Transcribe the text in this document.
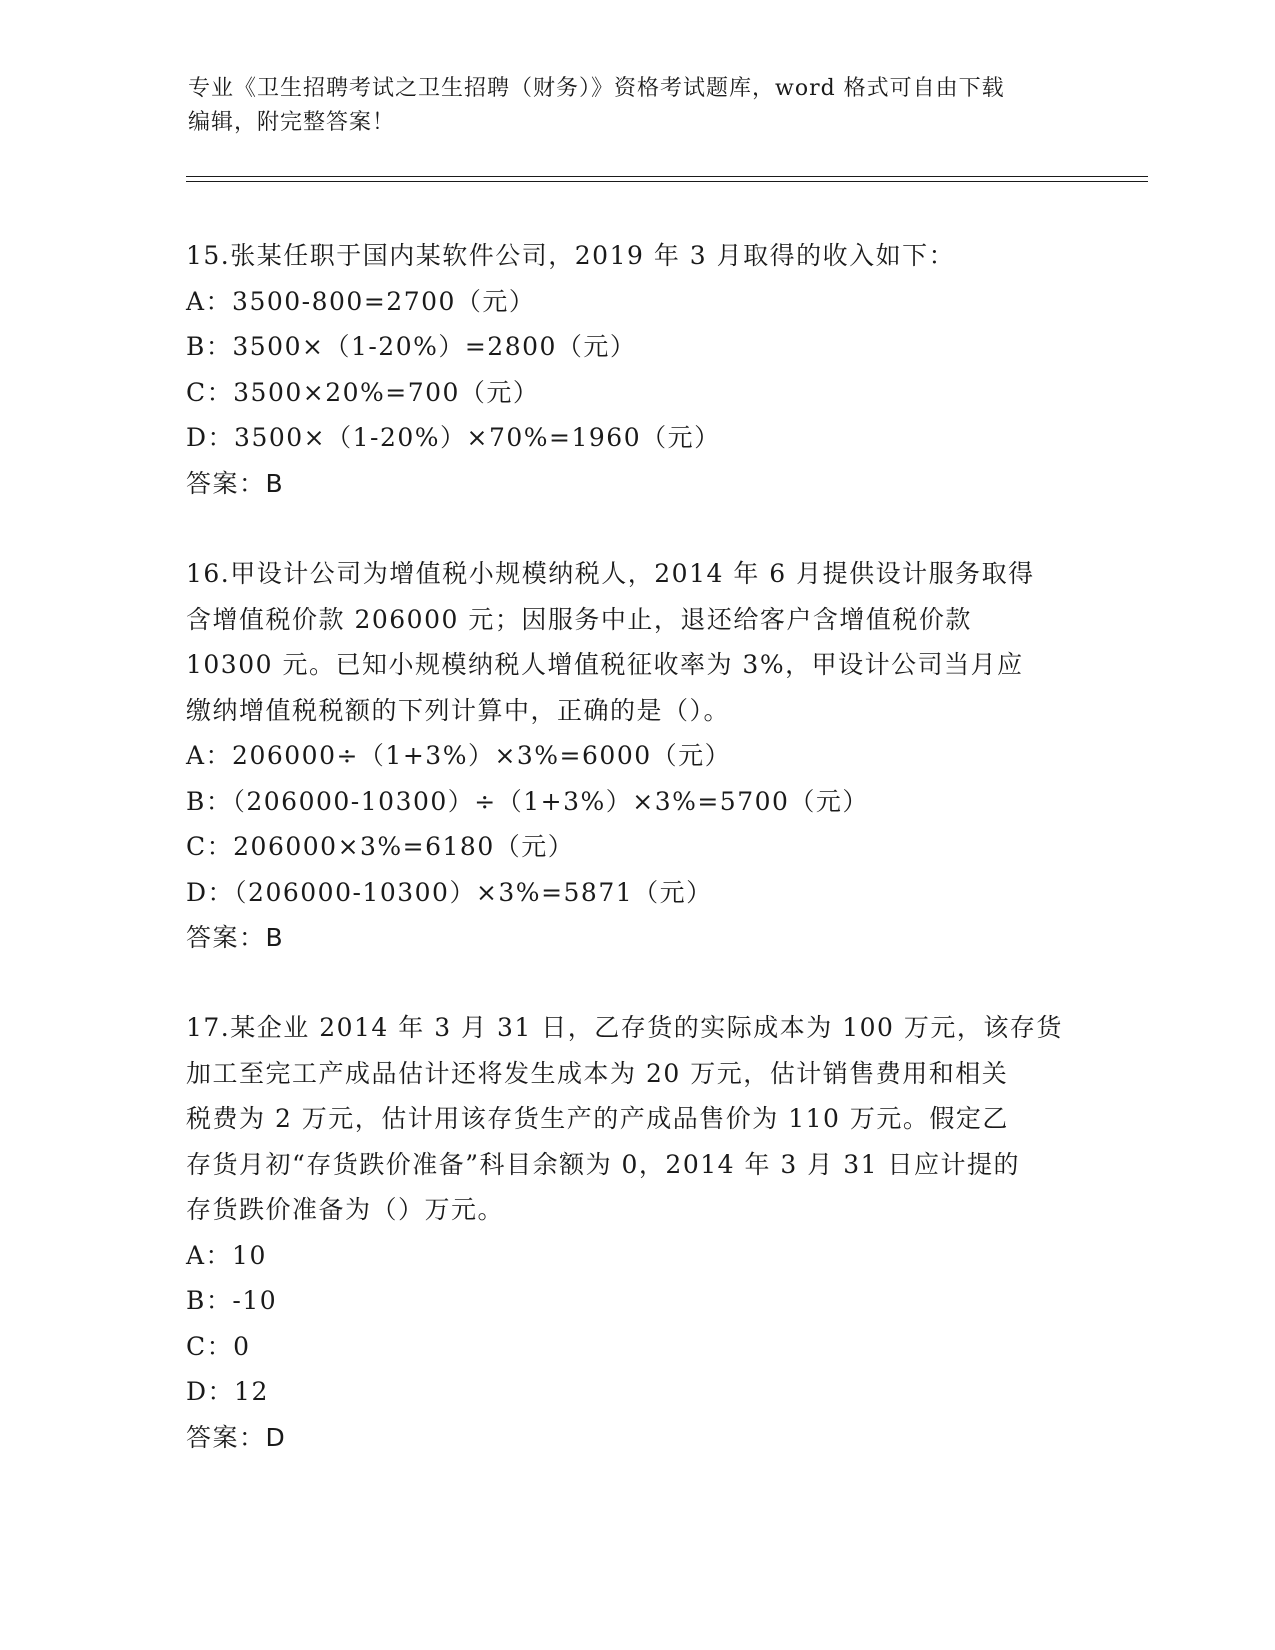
专业《卫生招聘考试之卫生招聘（财务）》资格考试题库，word 格式可自由下载
编辑，附完整答案！
15.张某任职于国内某软件公司，2019 年 3 月取得的收入如下：
A：3500-800=2700（元）
B：3500×（1-20%）=2800（元）
C：3500×20%=700（元）
D：3500×（1-20%）×70%=1960（元）
答案：B
16.甲设计公司为增值税小规模纳税人，2014 年 6 月提供设计服务取得
含增值税价款 206000 元；因服务中止，退还给客户含增值税价款
10300 元。已知小规模纳税人增值税征收率为 3%，甲设计公司当月应
缴纳增值税税额的下列计算中，正确的是（）。
A：206000÷（1+3%）×3%=6000（元）
B：（206000-10300）÷（1+3%）×3%=5700（元）
C：206000×3%=6180（元）
D：（206000-10300）×3%=5871（元）
答案：B
17.某企业 2014 年 3 月 31 日，乙存货的实际成本为 100 万元，该存货
加工至完工产成品估计还将发生成本为 20 万元，估计销售费用和相关
税费为 2 万元，估计用该存货生产的产成品售价为 110 万元。假定乙
存货月初“存货跌价准备”科目余额为 0，2014 年 3 月 31 日应计提的
存货跌价准备为（）万元。
A：10
B：-10
C：0
D：12
答案：D
